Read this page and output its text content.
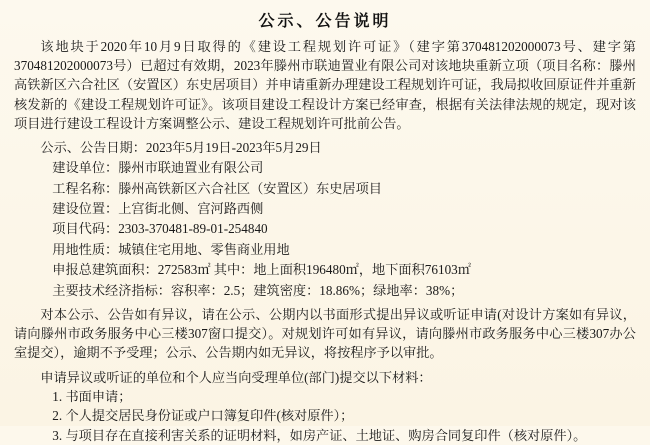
公示、公告说明

该地块于2020年10月9日取得的《建设工程规划许可证》（建字第370481202000073号、建字第370481202000073号）已超过有效期，2023年滕州市联迪置业有限公司对该地块重新立项（项目名称：滕州高铁新区六合社区（安置区）东史居项目）并申请重新办理建设工程规划许可证，我局拟收回原证件并重新核发新的《建设工程规划许可证》。该项目建设工程设计方案已经审查，根据有关法律法规的规定，现对该项目进行建设工程设计方案调整公示、建设工程规划许可批前公告。

公示、公告日期：2023年5月19日-2023年5月29日

建设单位：滕州市联迪置业有限公司
工程名称：滕州高铁新区六合社区（安置区）东史居项目
建设位置：上宫街北侧、宫河路西侧
项目代码：2303-370481-89-01-254840
用地性质：城镇住宅用地、零售商业用地
申报总建筑面积：272583㎡ 其中：地上面积196480㎡，地下面积76103㎡
主要技术经济指标：容积率：2.5；建筑密度：18.86%；绿地率：38%；

对本公示、公告如有异议，请在公示、公期内以书面形式提出异议或听证申请(对设计方案如有异议，请向滕州市政务服务中心三楼307窗口提交）。对规划许可如有异议，请向滕州市政务服务中心三楼307办公室提交），逾期不予受理；公示、公告期内如无异议，将按程序予以审批。

申请异议或听证的单位和个人应当向受理单位(部门)提交以下材料：

1. 书面申请；
2. 个人提交居民身份证或户口簿复印件(核对原件）；
3. 与项目存在直接利害关系的证明材料，如房产证、土地证、购房合同复印件（核对原件）。
